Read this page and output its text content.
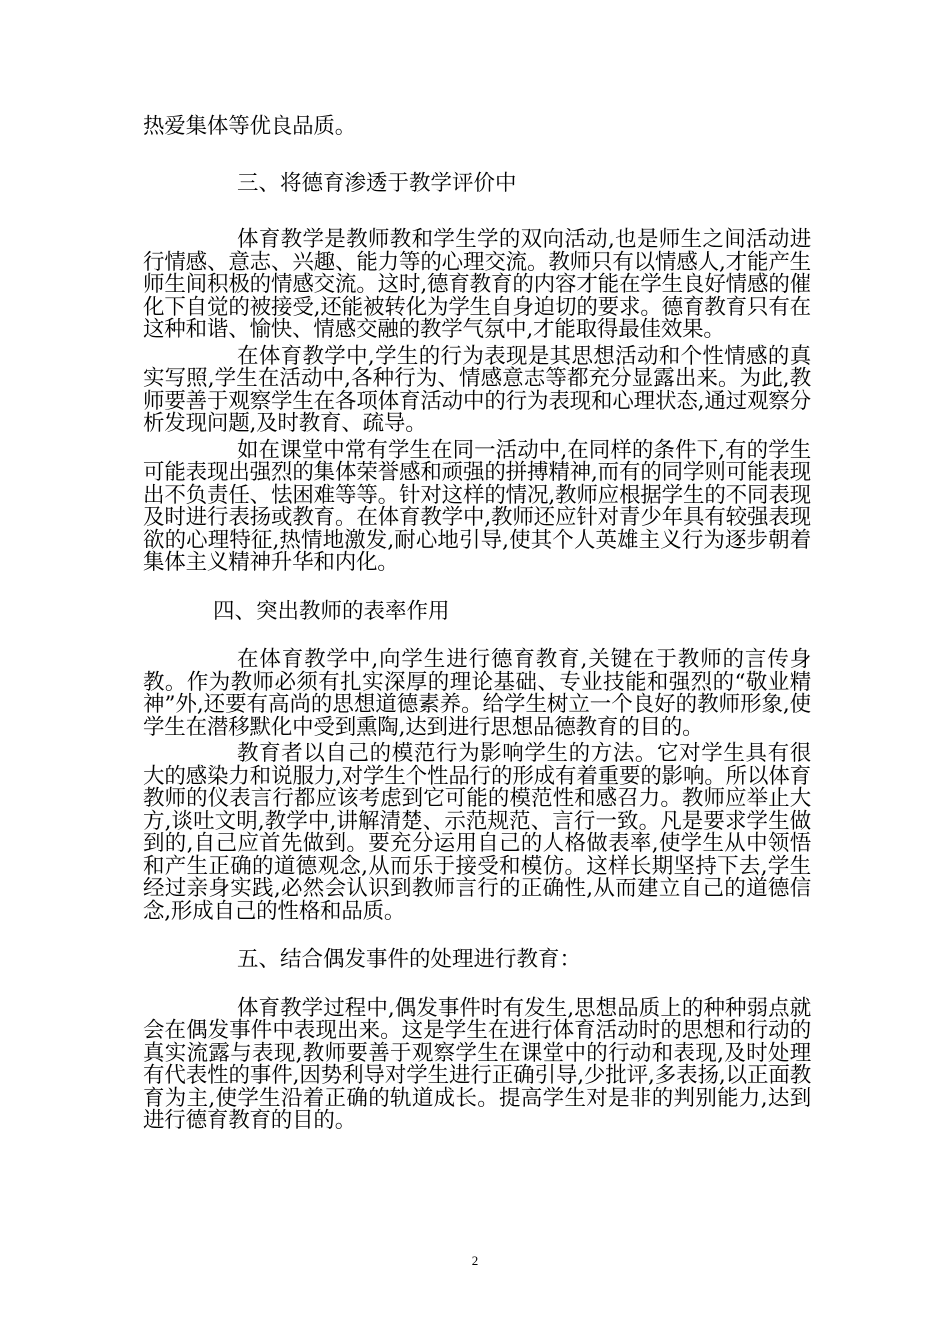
热爱集体等优良品质。

三、将德育渗透于教学评价中

体育教学是教师教和学生学的双向活动,也是师生之间活动进行情感、意志、兴趣、能力等的心理交流。教师只有以情感人,才能产生师生间积极的情感交流。这时,德育教育的内容才能在学生良好情感的催化下自觉的被接受,还能被转化为学生自身迫切的要求。德育教育只有在这种和谐、愉快、情感交融的教学气氛中,才能取得最佳效果。

在体育教学中,学生的行为表现是其思想活动和个性情感的真实写照,学生在活动中,各种行为、情感意志等都充分显露出来。为此,教师要善于观察学生在各项体育活动中的行为表现和心理状态,通过观察分析发现问题,及时教育、疏导。

如在课堂中常有学生在同一活动中,在同样的条件下,有的学生可能表现出强烈的集体荣誉感和顽强的拼搏精神,而有的同学则可能表现出不负责任、怯困难等等。针对这样的情况,教师应根据学生的不同表现及时进行表扬或教育。在体育教学中,教师还应针对青少年具有较强表现欲的心理特征,热情地激发,耐心地引导,使其个人英雄主义行为逐步朝着集体主义精神升华和内化。

四、突出教师的表率作用

在体育教学中,向学生进行德育教育,关键在于教师的言传身教。作为教师必须有扎实深厚的理论基础、专业技能和强烈的“敬业精神”外,还要有高尚的思想道德素养。给学生树立一个良好的教师形象,使学生在潜移默化中受到熏陶,达到进行思想品德教育的目的。

教育者以自己的模范行为影响学生的方法。它对学生具有很大的感染力和说服力,对学生个性品行的形成有着重要的影响。所以体育教师的仪表言行都应该考虑到它可能的模范性和感召力。教师应举止大方,谈吐文明,教学中,讲解清楚、示范规范、言行一致。凡是要求学生做到的,自己应首先做到。要充分运用自己的人格做表率,使学生从中领悟和产生正确的道德观念,从而乐于接受和模仿。这样长期坚持下去,学生经过亲身实践,必然会认识到教师言行的正确性,从而建立自己的道德信念,形成自己的性格和品质。

五、结合偶发事件的处理进行教育：

体育教学过程中,偶发事件时有发生,思想品质上的种种弱点就会在偶发事件中表现出来。这是学生在进行体育活动时的思想和行动的真实流露与表现,教师要善于观察学生在课堂中的行动和表现,及时处理有代表性的事件,因势利导对学生进行正确引导,少批评,多表扬,以正面教育为主,使学生沿着正确的轨道成长。提高学生对是非的判别能力,达到进行德育教育的目的。

2
